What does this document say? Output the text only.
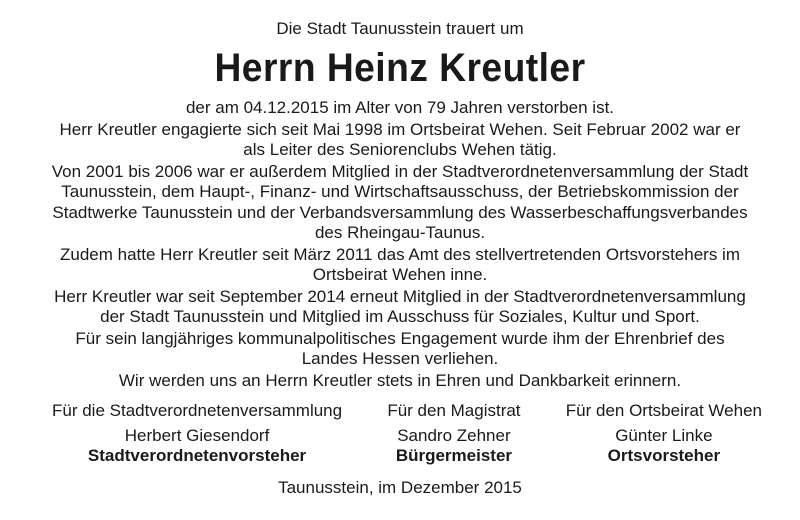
Die Stadt Taunusstein trauert um

Herrn Heinz Kreutler

der am 04.12.2015 im Alter von 79 Jahren verstorben ist.

Herr Kreutler engagierte sich seit Mai 1998 im Ortsbeirat Wehen. Seit Februar 2002 war er
als Leiter des Seniorenclubs Wehen tätig.

Von 2001 bis 2006 war er außerdem Mitglied in der Stadtverordnetenversammlung der Stadt
Taunusstein, dem Haupt-, Finanz- und Wirtschaftsausschuss, der Betriebskommission der
Stadtwerke Taunusstein und der Verbandsversammlung des Wasserbeschaffungsverbandes
des Rheingau-Taunus.

Zudem hatte Herr Kreutler seit März 2011 das Amt des stellvertretenden Ortsvorstehers im
Ortsbeirat Wehen inne.

Herr Kreutler war seit September 2014 erneut Mitglied in der Stadtverordnetenversammlung
der Stadt Taunusstein und Mitglied im Ausschuss für Soziales, Kultur und Sport.

Für sein langjähriges kommunalpolitisches Engagement wurde ihm der Ehrenbrief des
Landes Hessen verliehen.

Wir werden uns an Herrn Kreutler stets in Ehren und Dankbarkeit erinnern.

Für die Stadtverordnetenversammlung
Herbert Giesendorf
Stadtverordnetenvorsteher
Für den Magistrat
Sandro Zehner
Bürgermeister
Für den Ortsbeirat Wehen
Günter Linke
Ortsvorsteher

Taunusstein, im Dezember 2015
